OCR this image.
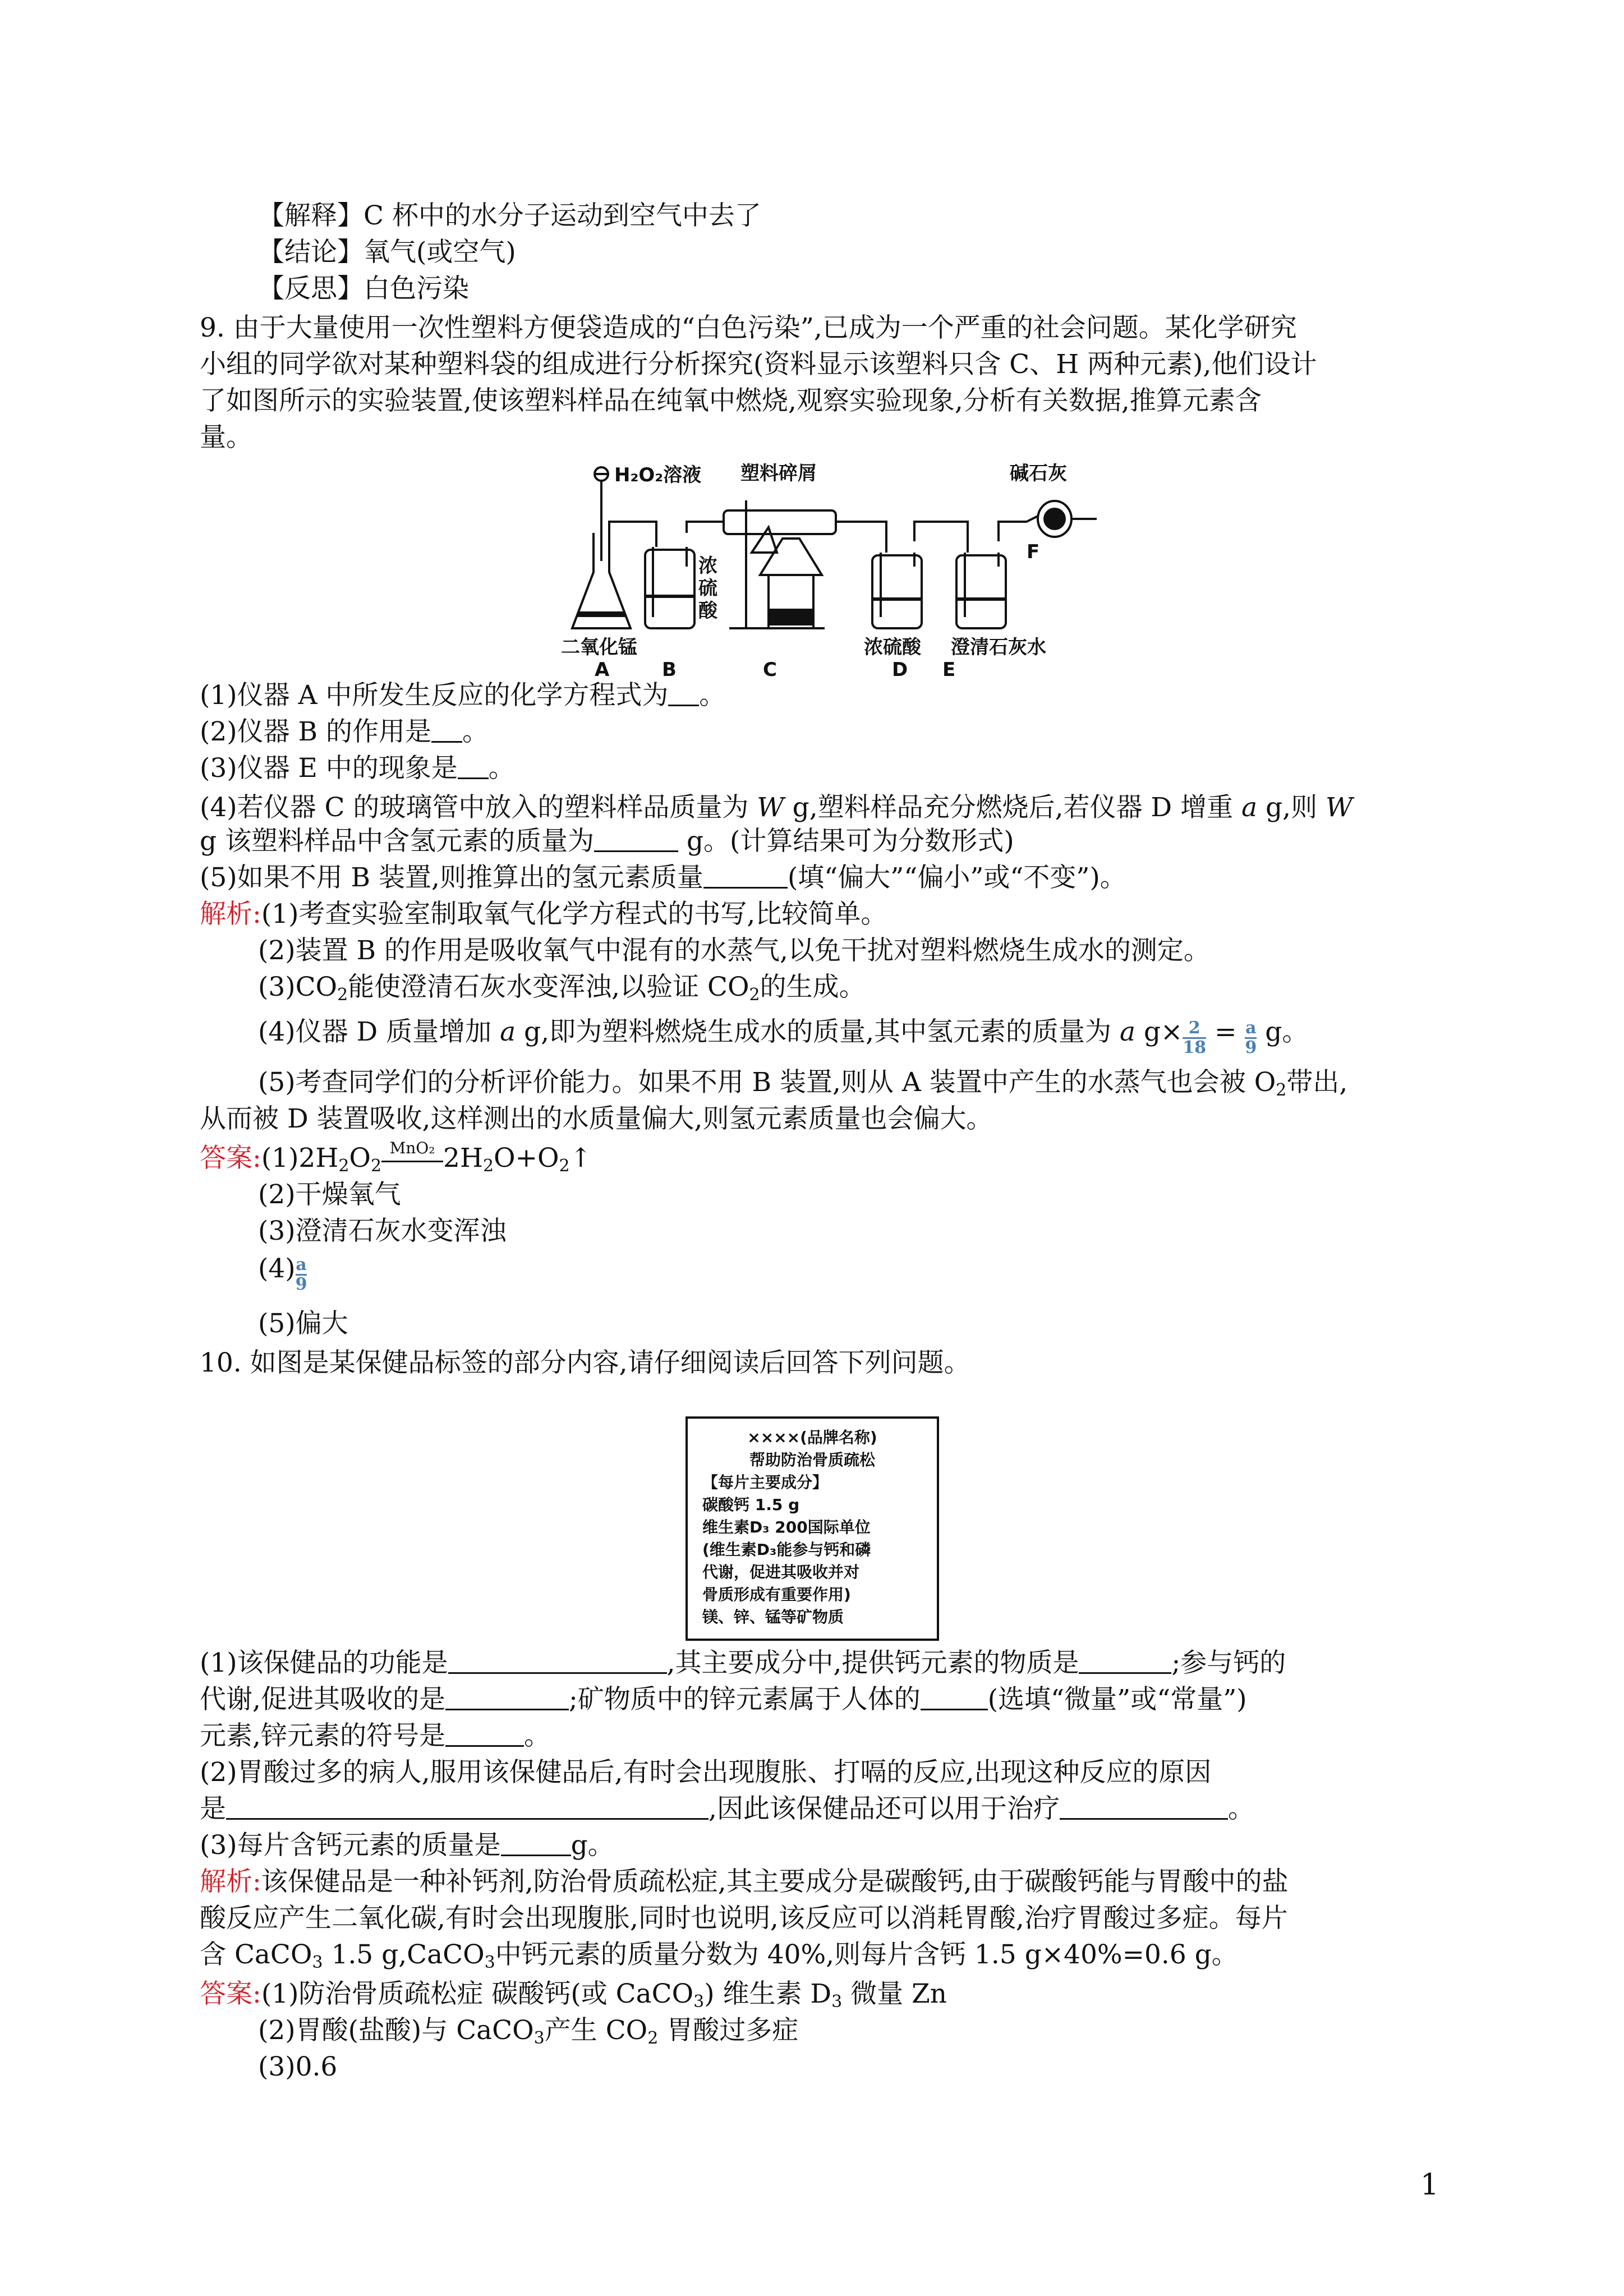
【解释】C 杯中的水分子运动到空气中去了
【结论】氧气(或空气)
【反思】白色污染
9. 由于大量使用一次性塑料方便袋造成的“白色污染”,已成为一个严重的社会问题。某化学研究
小组的同学欲对某种塑料袋的组成进行分析探究(资料显示该塑料只含 C、H 两种元素),他们设计
了如图所示的实验装置,使该塑料样品在纯氧中燃烧,观察实验现象,分析有关数据,推算元素含
量。
H₂O₂溶液 塑料碎屑	碱石灰
浓
硫
酸
二氧化锰	浓硫酸 澄清石灰水
A	B	C	D E
F
(1)仪器 A 中所发生反应的化学方程式为 。
(2)仪器 B 的作用是 。
(3)仪器 E 中的现象是 。
(4)若仪器 C 的玻璃管中放入的塑料样品质量为 W g,塑料样品充分燃烧后,若仪器 D 增重 a g,则 W
g 该塑料样品中含氢元素的质量为	g。(计算结果可为分数形式)
(5)如果不用 B 装置,则推算出的氢元素质量	(填“偏大”“偏小”或“不变”)。
解析:(1)考查实验室制取氧气化学方程式的书写,比较简单。
(2)装置 B 的作用是吸收氧气中混有的水蒸气,以免干扰对塑料燃烧生成水的测定。
$(3)CO_2$能使澄清石灰水变浑浊,以验证 $CO_2$的生成。
(4)仪器 D 质量增加 a g,即为塑料燃烧生成水的质量,其中氢元素的质量为 a $g\times \frac{2}{18} = \frac{a}{9}$ g。
(5)考查同学们的分析评价能力。如果不用 B 装置,则从 A 装置中产生的水蒸气也会被 $O_2$带出,
从而被 D 装置吸收,这样测出的水质量偏大,则氢元素质量也会偏大。
答案$:(1)2H_2O_2$
MnO₂ $2H_2O+O_2↑$
(2)干燥氧气
(3)澄清石灰水变浑浊
$(4) \frac{a}{9}$
(5)偏大
10. 如图是某保健品标签的部分内容,请仔细阅读后回答下列问题。
××××(品牌名称)
帮助防治骨质疏松
【每片主要成分】
碳酸钙 1.5 g
维生素D₃ 200国际单位
(维生素D₃能参与钙和磷
代谢，促进其吸收并对
骨质形成有重要作用)
镁、锌、锰等矿物质
(1)该保健品的功能是	,其主要成分中,提供钙元素的物质是	;参与钙的
代谢,促进其吸收的是	;矿物质中的锌元素属于人体的	(选填“微量”或“常量”)
元素,锌元素的符号是	。
(2)胃酸过多的病人,服用该保健品后,有时会出现腹胀、打嗝的反应,出现这种反应的原因
是	,因此该保健品还可以用于治疗	。
(3)每片含钙元素的质量是	g。
解析:该保健品是一种补钙剂,防治骨质疏松症,其主要成分是碳酸钙,由于碳酸钙能与胃酸中的盐
酸反应产生二氧化碳,有时会出现腹胀,同时也说明,该反应可以消耗胃酸,治疗胃酸过多症。每片
含 CaCO$_3$ 1.5 g,CaCO$_3$中钙元素的质量分数为 40%,则每片含钙 1.5 g×40%=0.6 g。
答案:(1)防治骨质疏松症 碳酸钙(或 CaCO$_3$) 维生素 $D_3$ 微量 Zn
(2)胃酸(盐酸)与 CaCO$_3$产生 $CO_2$ 胃酸过多症
(3)0.6
1
